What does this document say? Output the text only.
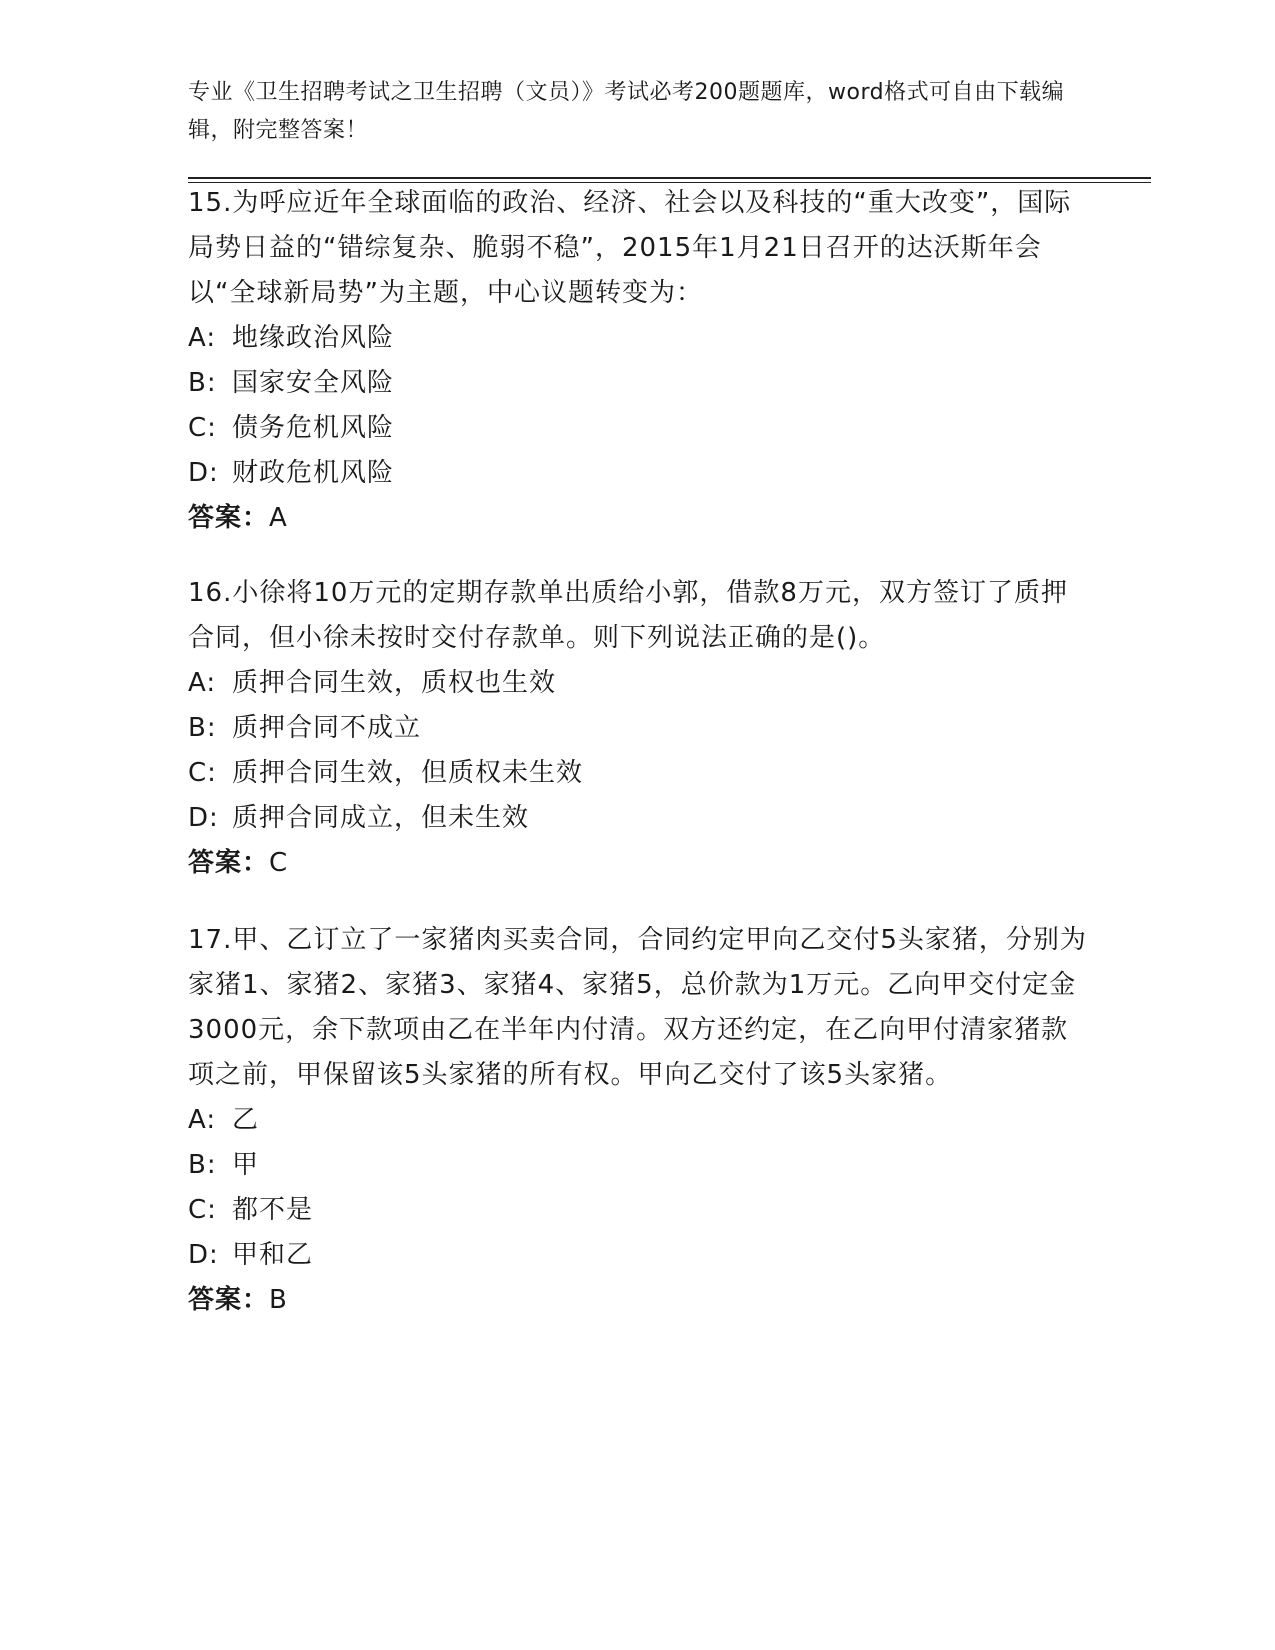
专业《卫生招聘考试之卫生招聘（文员）》考试必考200题题库，word格式可自由下载编辑，附完整答案！
15.为呼应近年全球面临的政治、经济、社会以及科技的“重大改变”，国际局势日益的“错综复杂、脆弱不稳”，2015年1月21日召开的达沃斯年会以“全球新局势”为主题，中心议题转变为：
A: 地缘政治风险
B: 国家安全风险
C: 债务危机风险
D: 财政危机风险
答案：A
16.小徐将10万元的定期存款单出质给小郭，借款8万元，双方签订了质押合同，但小徐未按时交付存款单。则下列说法正确的是()。
A: 质押合同生效，质权也生效
B: 质押合同不成立
C: 质押合同生效，但质权未生效
D: 质押合同成立，但未生效
答案：C
17.甲、乙订立了一家猪肉买卖合同，合同约定甲向乙交付5头家猪，分别为家猪1、家猪2、家猪3、家猪4、家猪5，总价款为1万元。乙向甲交付定金3000元，余下款项由乙在半年内付清。双方还约定，在乙向甲付清家猪款项之前，甲保留该5头家猪的所有权。甲向乙交付了该5头家猪。
A: 乙
B: 甲
C: 都不是
D: 甲和乙
答案：B
